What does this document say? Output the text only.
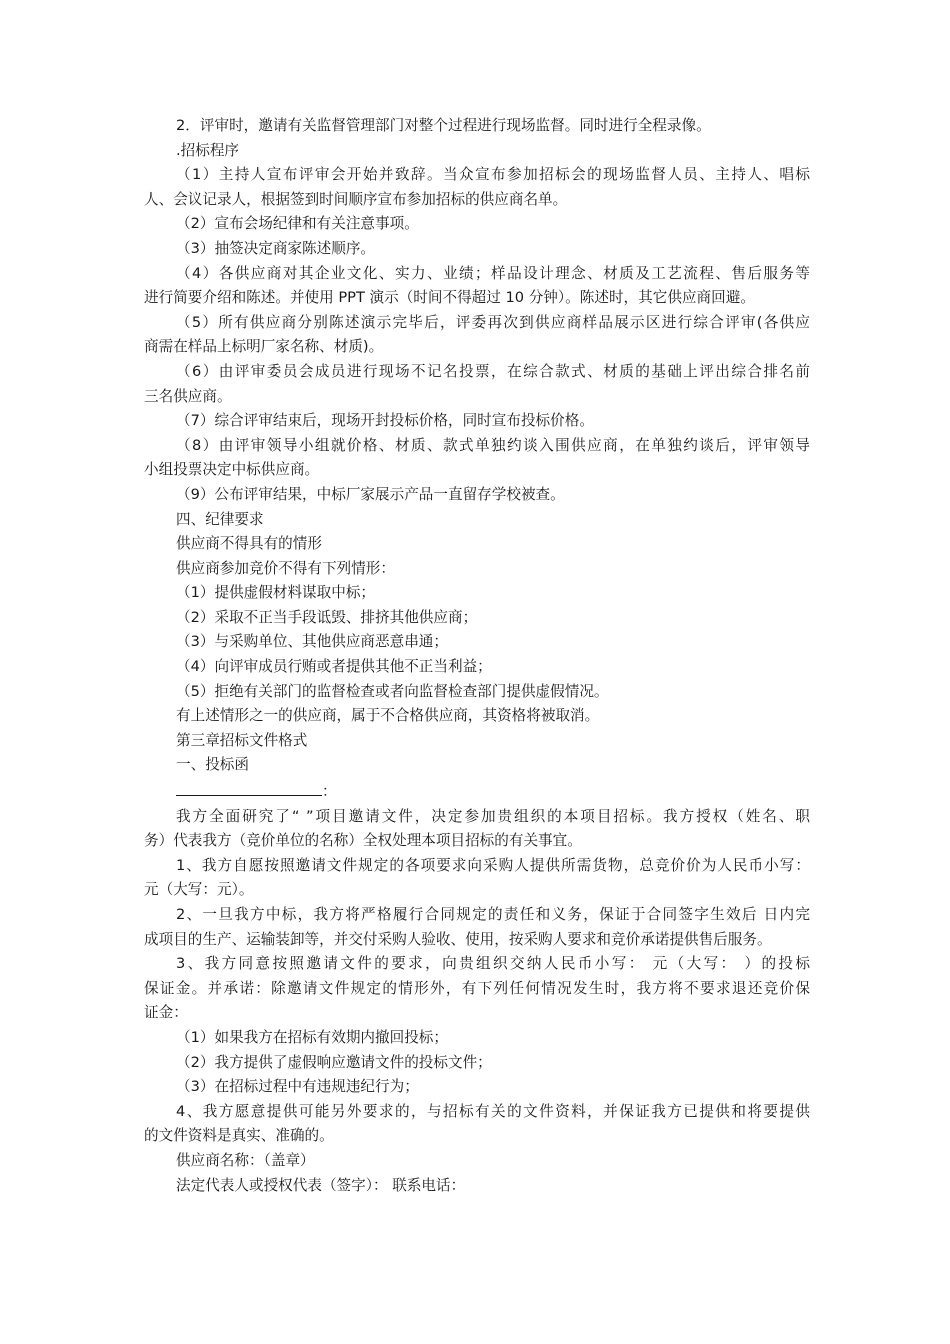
2．评审时，邀请有关监督管理部门对整个过程进行现场监督。同时进行全程录像。

.招标程序

（1）主持人宣布评审会开始并致辞。当众宣布参加招标会的现场监督人员、主持人、唱标

人、会议记录人，根据签到时间顺序宣布参加招标的供应商名单。

（2）宣布会场纪律和有关注意事项。

（3）抽签决定商家陈述顺序。

（4）各供应商对其企业文化、实力、业绩；样品设计理念、材质及工艺流程、售后服务等

进行简要介绍和陈述。并使用 PPT 演示（时间不得超过 10 分钟）。陈述时，其它供应商回避。

（5）所有供应商分别陈述演示完毕后，评委再次到供应商样品展示区进行综合评审(各供应

商需在样品上标明厂家名称、材质)。

（6）由评审委员会成员进行现场不记名投票，在综合款式、材质的基础上评出综合排名前

三名供应商。

（7）综合评审结束后，现场开封投标价格，同时宣布投标价格。

（8）由评审领导小组就价格、材质、款式单独约谈入围供应商，在单独约谈后，评审领导

小组投票决定中标供应商。

（9）公布评审结果，中标厂家展示产品一直留存学校被查。

四、纪律要求

供应商不得具有的情形

供应商参加竞价不得有下列情形：

（1）提供虚假材料谋取中标；

（2）采取不正当手段诋毁、排挤其他供应商；

（3）与采购单位、其他供应商恶意串通；

（4）向评审成员行贿或者提供其他不正当利益；

（5）拒绝有关部门的监督检查或者向监督检查部门提供虚假情况。

有上述情形之一的供应商，属于不合格供应商，其资格将被取消。

第三章招标文件格式

一、投标函

：

我方全面研究了“ ”项目邀请文件，决定参加贵组织的本项目招标。我方授权（姓名、职

务）代表我方（竞价单位的名称）全权处理本项目招标的有关事宜。

1、我方自愿按照邀请文件规定的各项要求向采购人提供所需货物，总竞价价为人民币小写：

元（大写：元）。

2、一旦我方中标，我方将严格履行合同规定的责任和义务，保证于合同签字生效后 日内完

成项目的生产、运输装卸等，并交付采购人验收、使用，按采购人要求和竞价承诺提供售后服务。

3、我方同意按照邀请文件的要求，向贵组织交纳人民币小写： 元（大写： ）的投标

保证金。并承诺：除邀请文件规定的情形外，有下列任何情况发生时，我方将不要求退还竞价保

证金：

（1）如果我方在招标有效期内撤回投标；

（2）我方提供了虚假响应邀请文件的投标文件；

（3）在招标过程中有违规违纪行为；

4、我方愿意提供可能另外要求的，与招标有关的文件资料，并保证我方已提供和将要提供

的文件资料是真实、准确的。

供应商名称：（盖章）

法定代表人或授权代表（签字）： 联系电话：
